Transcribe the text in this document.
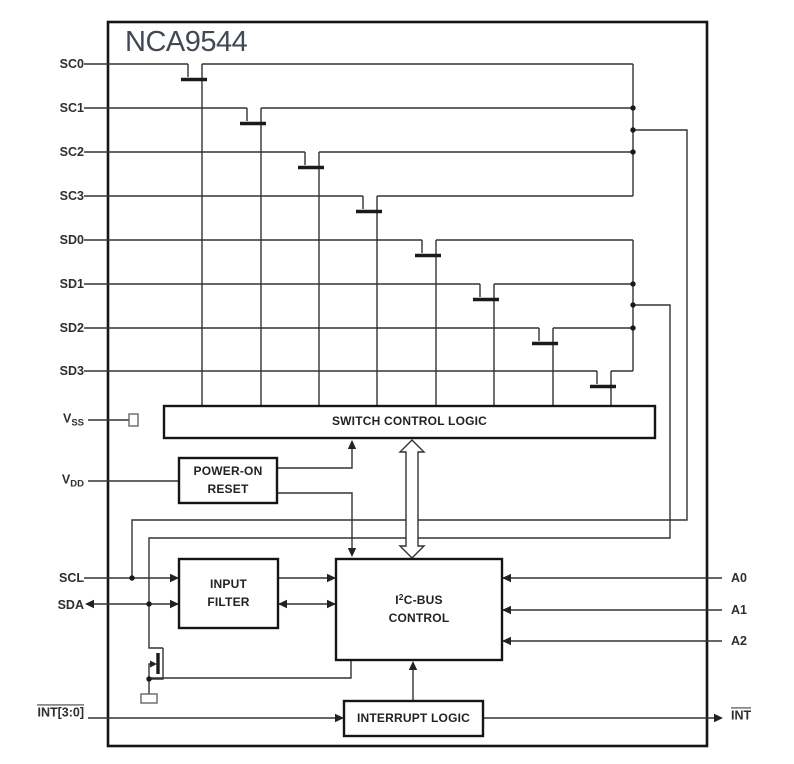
NCA9544
SC0
SC1
SC2
SC3
SD0
SD1
SD2
SD3
$V_{SS}$
$V_{DD}$
SCL
SDA
INT[3:0]
A0
A1
A2
INT
SWITCH CONTROL LOGIC
POWER-ON
RESET
INPUT
FILTER	$I^2C$-BUS
CONTROL
INTERRUPT LOGIC
